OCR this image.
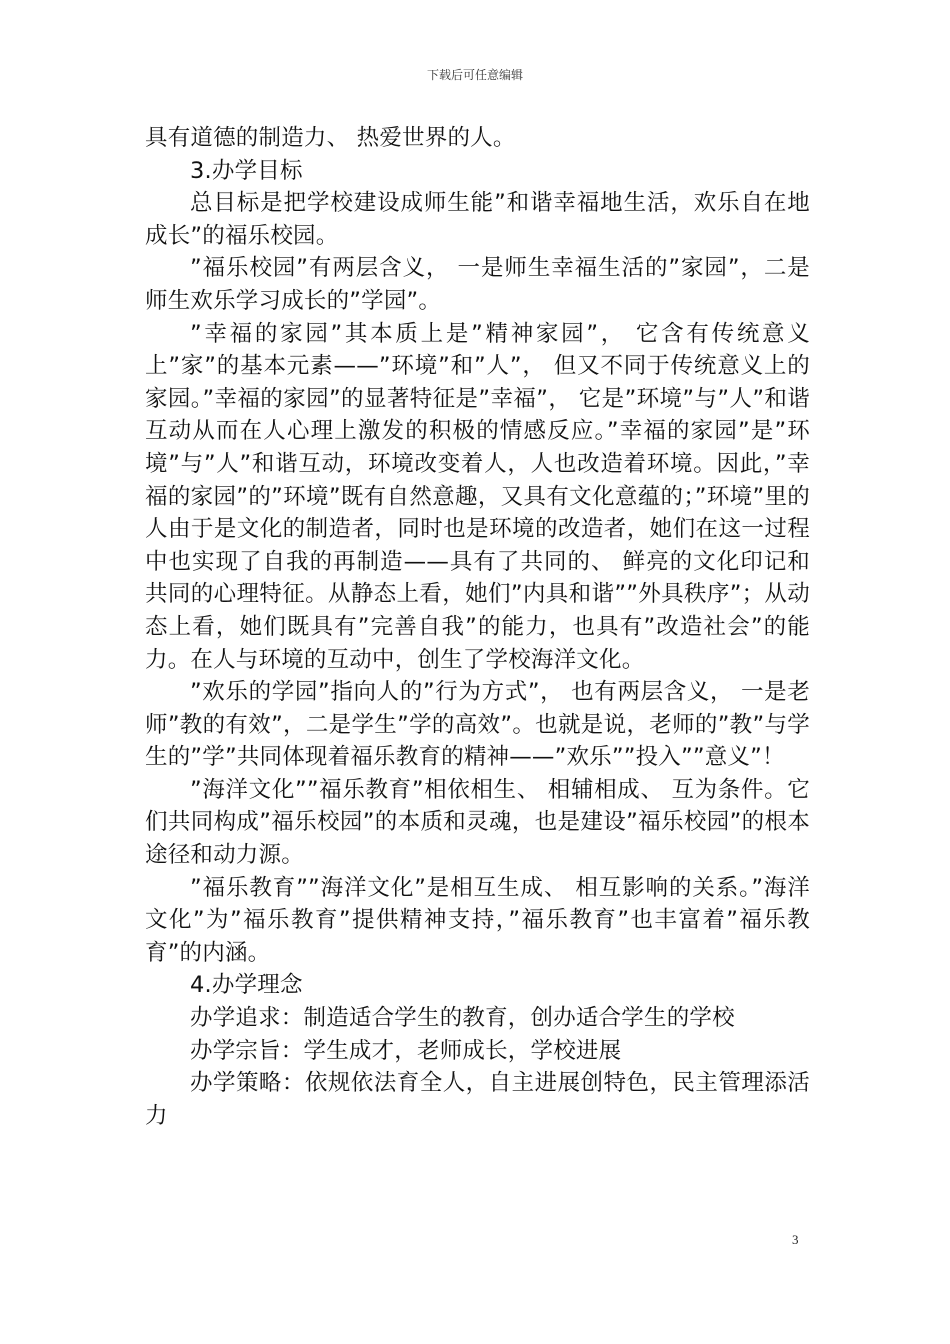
下载后可任意编辑

具有道德的制造力、 热爱世界的人。

3.办学目标

总目标是把学校建设成师生能”和谐幸福地生活，欢乐自在地成长”的福乐校园。

”福乐校园”有两层含义， 一是师生幸福生活的”家园”，二是师生欢乐学习成长的”学园”。

”幸福的家园”其本质上是”精神家园”， 它含有传统意义上”家”的基本元素——”环境”和”人”， 但又不同于传统意义上的家园。”幸福的家园”的显著特征是”幸福”， 它是”环境”与”人”和谐互动从而在人心理上激发的积极的情感反应。”幸福的家园”是”环境”与”人”和谐互动，环境改变着人，人也改造着环境。因此，”幸福的家园”的”环境”既有自然意趣，又具有文化意蕴的；”环境”里的人由于是文化的制造者，同时也是环境的改造者，她们在这一过程中也实现了自我的再制造——具有了共同的、 鲜亮的文化印记和共同的心理特征。从静态上看，她们”内具和谐””外具秩序”；从动态上看，她们既具有”完善自我”的能力，也具有”改造社会”的能力。在人与环境的互动中，创生了学校海洋文化。

”欢乐的学园”指向人的”行为方式”， 也有两层含义， 一是老师”教的有效”，二是学生”学的高效”。也就是说，老师的”教”与学生的”学”共同体现着福乐教育的精神——”欢乐””投入””意义”！

”海洋文化””福乐教育”相依相生、 相辅相成、 互为条件。它们共同构成”福乐校园”的本质和灵魂，也是建设”福乐校园”的根本途径和动力源。

”福乐教育””海洋文化”是相互生成、 相互影响的关系。”海洋文化”为”福乐教育”提供精神支持，”福乐教育”也丰富着”福乐教育”的内涵。

4.办学理念

办学追求：制造适合学生的教育，创办适合学生的学校

办学宗旨：学生成才，老师成长，学校进展

办学策略：依规依法育全人，自主进展创特色，民主管理添活力

3
